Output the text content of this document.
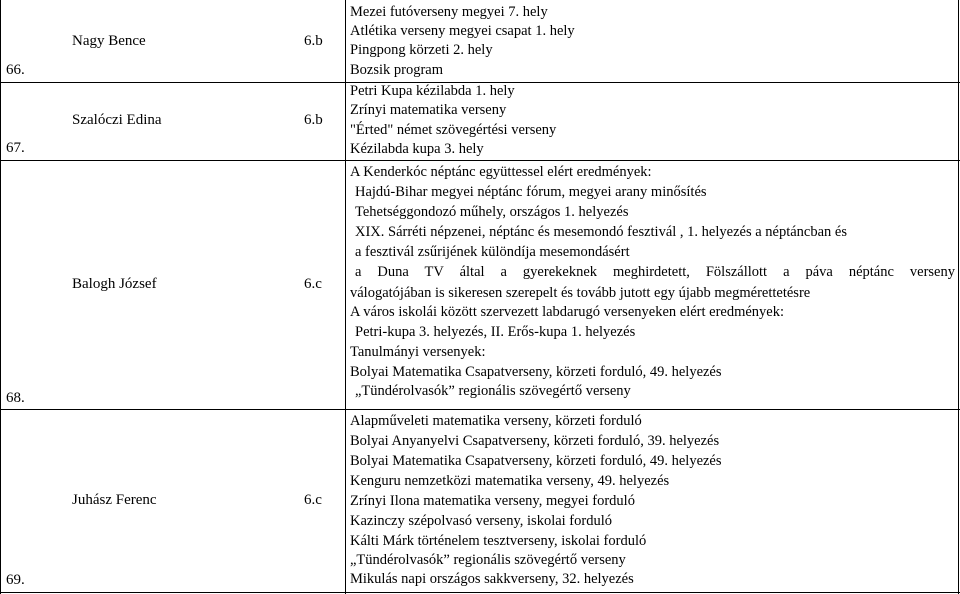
66.
Nagy Bence	6.b
Mezei futóverseny megyei 7. hely
Atlétika verseny megyei csapat 1. hely
Pingpong körzeti 2. hely
Bozsik program
67.
Szalóczi Edina	6.b
Petri Kupa kézilabda 1. hely
Zrínyi matematika verseny
"Érted" német szövegértési verseny
Kézilabda kupa 3. hely
68.
Balogh József	6.c
A Kenderkóc néptánc együttessel elért eredmények:
Hajdú-Bihar megyei néptánc fórum, megyei arany minősítés
Tehetséggondozó műhely, országos 1. helyezés
XIX. Sárréti népzenei, néptánc és mesemondó fesztivál , 1. helyezés a néptáncban és
a fesztivál zsűrijének különdíja mesemondásért
a Duna TV által a gyerekeknek meghirdetett, Fölszállott a páva néptánc verseny
válogatójában is sikeresen szerepelt és tovább jutott egy újabb megmérettetésre
A város iskolái között szervezett labdarugó versenyeken elért eredmények:
Petri-kupa 3. helyezés, II. Erős-kupa 1. helyezés
Tanulmányi versenyek:
Bolyai Matematika Csapatverseny, körzeti forduló, 49. helyezés
„Tündérolvasók” regionális szövegértő verseny
69.
Juhász Ferenc	6.c
Alapműveleti matematika verseny, körzeti forduló
Bolyai Anyanyelvi Csapatverseny, körzeti forduló, 39. helyezés
Bolyai Matematika Csapatverseny, körzeti forduló, 49. helyezés
Kenguru nemzetközi matematika verseny, 49. helyezés
Zrínyi Ilona matematika verseny, megyei forduló
Kazinczy szépolvasó verseny, iskolai forduló
Kálti Márk történelem tesztverseny, iskolai forduló
„Tündérolvasók” regionális szövegértő verseny
Mikulás napi országos sakkverseny, 32. helyezés
